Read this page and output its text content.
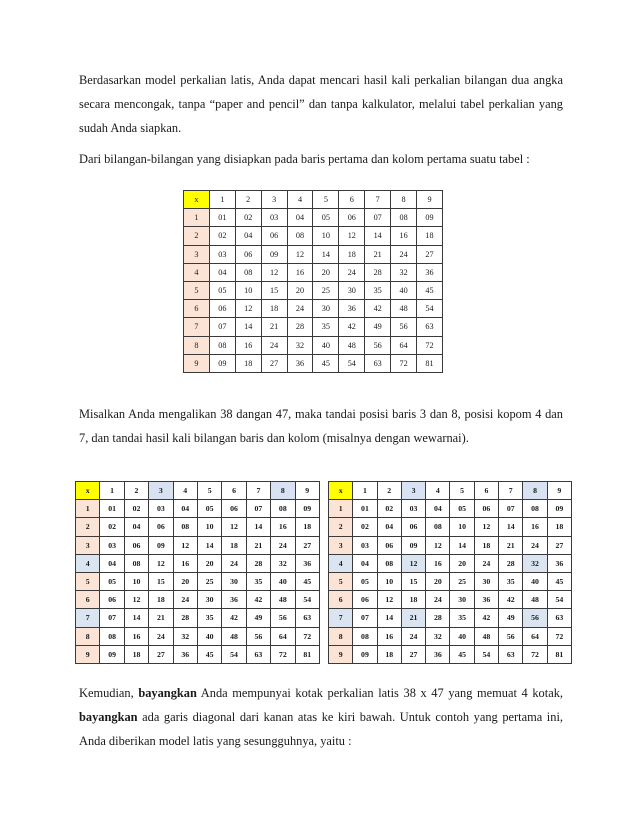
Berdasarkan model perkalian latis, Anda dapat mencari hasil kali perkalian bilangan dua angka secara mencongak, tanpa “paper and pencil” dan tanpa kalkulator, melalui tabel perkalian yang sudah Anda siapkan.
Dari bilangan-bilangan yang disiapkan pada baris pertama dan kolom pertama suatu tabel :
x	1	2	3	4	5	6	7	8	9
1	01	02	03	04	05	06	07	08	09
2	02	04	06	08	10	12	14	16	18
3	03	06	09	12	14	18	21	24	27
4	04	08	12	16	20	24	28	32	36
5	05	10	15	20	25	30	35	40	45
6	06	12	18	24	30	36	42	48	54
7	07	14	21	28	35	42	49	56	63
8	08	16	24	32	40	48	56	64	72
9	09	18	27	36	45	54	63	72	81
Misalkan Anda mengalikan 38 dangan 47, maka tandai posisi baris 3 dan 8, posisi kopom 4 dan 7, dan tandai hasil kali bilangan baris dan kolom (misalnya dengan wewarnai).
x	1	2	3	4	5	6	7	8	9
1	01	02	03	04	05	06	07	08	09
2	02	04	06	08	10	12	14	16	18
3	03	06	09	12	14	18	21	24	27
4	04	08	12	16	20	24	28	32	36
5	05	10	15	20	25	30	35	40	45
6	06	12	18	24	30	36	42	48	54
7	07	14	21	28	35	42	49	56	63
8	08	16	24	32	40	48	56	64	72
9	09	18	27	36	45	54	63	72	81
x	1	2	3	4	5	6	7	8	9
1	01	02	03	04	05	06	07	08	09
2	02	04	06	08	10	12	14	16	18
3	03	06	09	12	14	18	21	24	27
4	04	08	12	16	20	24	28	32	36
5	05	10	15	20	25	30	35	40	45
6	06	12	18	24	30	36	42	48	54
7	07	14	21	28	35	42	49	56	63
8	08	16	24	32	40	48	56	64	72
9	09	18	27	36	45	54	63	72	81
Kemudian, bayangkan Anda mempunyai kotak perkalian latis 38 x 47 yang memuat 4 kotak, bayangkan ada garis diagonal dari kanan atas ke kiri bawah. Untuk contoh yang pertama ini, Anda diberikan model latis yang sesungguhnya, yaitu :
